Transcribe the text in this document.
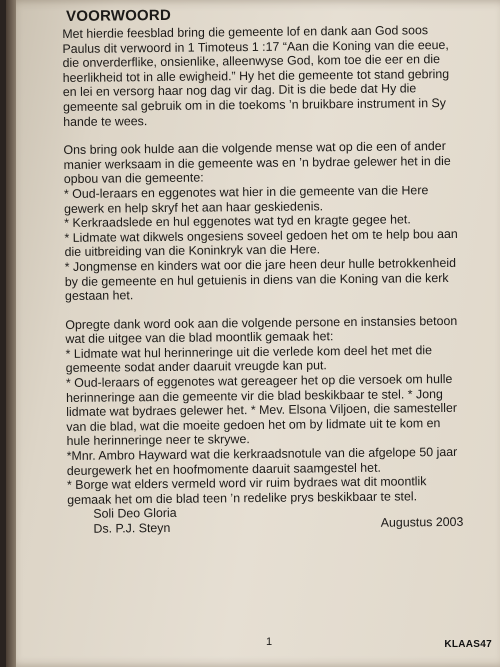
VOORWOORD

Met hierdie feesblad bring die gemeente lof en dank aan God soos Paulus dit verwoord in 1 Timoteus 1 :17 “Aan die Koning van die eeue, die onverderflike, onsienlike, alleenwyse God, kom toe die eer en die heerlikheid tot in alle ewigheid.” Hy het die gemeente tot stand gebring en lei en versorg haar nog dag vir dag. Dit is die bede dat Hy die gemeente sal gebruik om in die toekoms ’n bruikbare instrument in Sy hande te wees.

Ons bring ook hulde aan die volgende mense wat op die een of ander manier werksaam in die gemeente was en ’n bydrae gelewer het in die opbou van die gemeente:
* Oud-leraars en eggenotes wat hier in die gemeente van die Here gewerk en help skryf het aan haar geskiedenis.
* Kerkraadslede en hul eggenotes wat tyd en kragte gegee het.
* Lidmate wat dikwels ongesiens soveel gedoen het om te help bou aan die uitbreiding van die Koninkryk van die Here.
* Jongmense en kinders wat oor die jare heen deur hulle betrokkenheid by die gemeente en hul getuienis in diens van die Koning van die kerk gestaan het.
Opregte dank word ook aan die volgende persone en instansies betoon wat die uitgee van die blad moontlik gemaak het:
* Lidmate wat hul herinneringe uit die verlede kom deel het met die gemeente sodat ander daaruit vreugde kan put.
* Oud-leraars of eggenotes wat gereageer het op die versoek om hulle herinneringe aan die gemeente vir die blad beskikbaar te stel. * Jong lidmate wat bydraes gelewer het. * Mev. Elsona Viljoen, die samesteller van die blad, wat die moeite gedoen het om by lidmate uit te kom en hule herinneringe neer te skrywe.
*Mnr. Ambro Hayward wat die kerkraadsnotule van die afgelope 50 jaar deurgewerk het en hoofmomente daaruit saamgestel het.
* Borge wat elders vermeld word vir ruim bydraes wat dit moontlik gemaak het om die blad teen ’n redelike prys beskikbaar te stel.
Soli Deo Gloria
Ds. P.J. Steyn	Augustus 2003
1	KLAAS47
